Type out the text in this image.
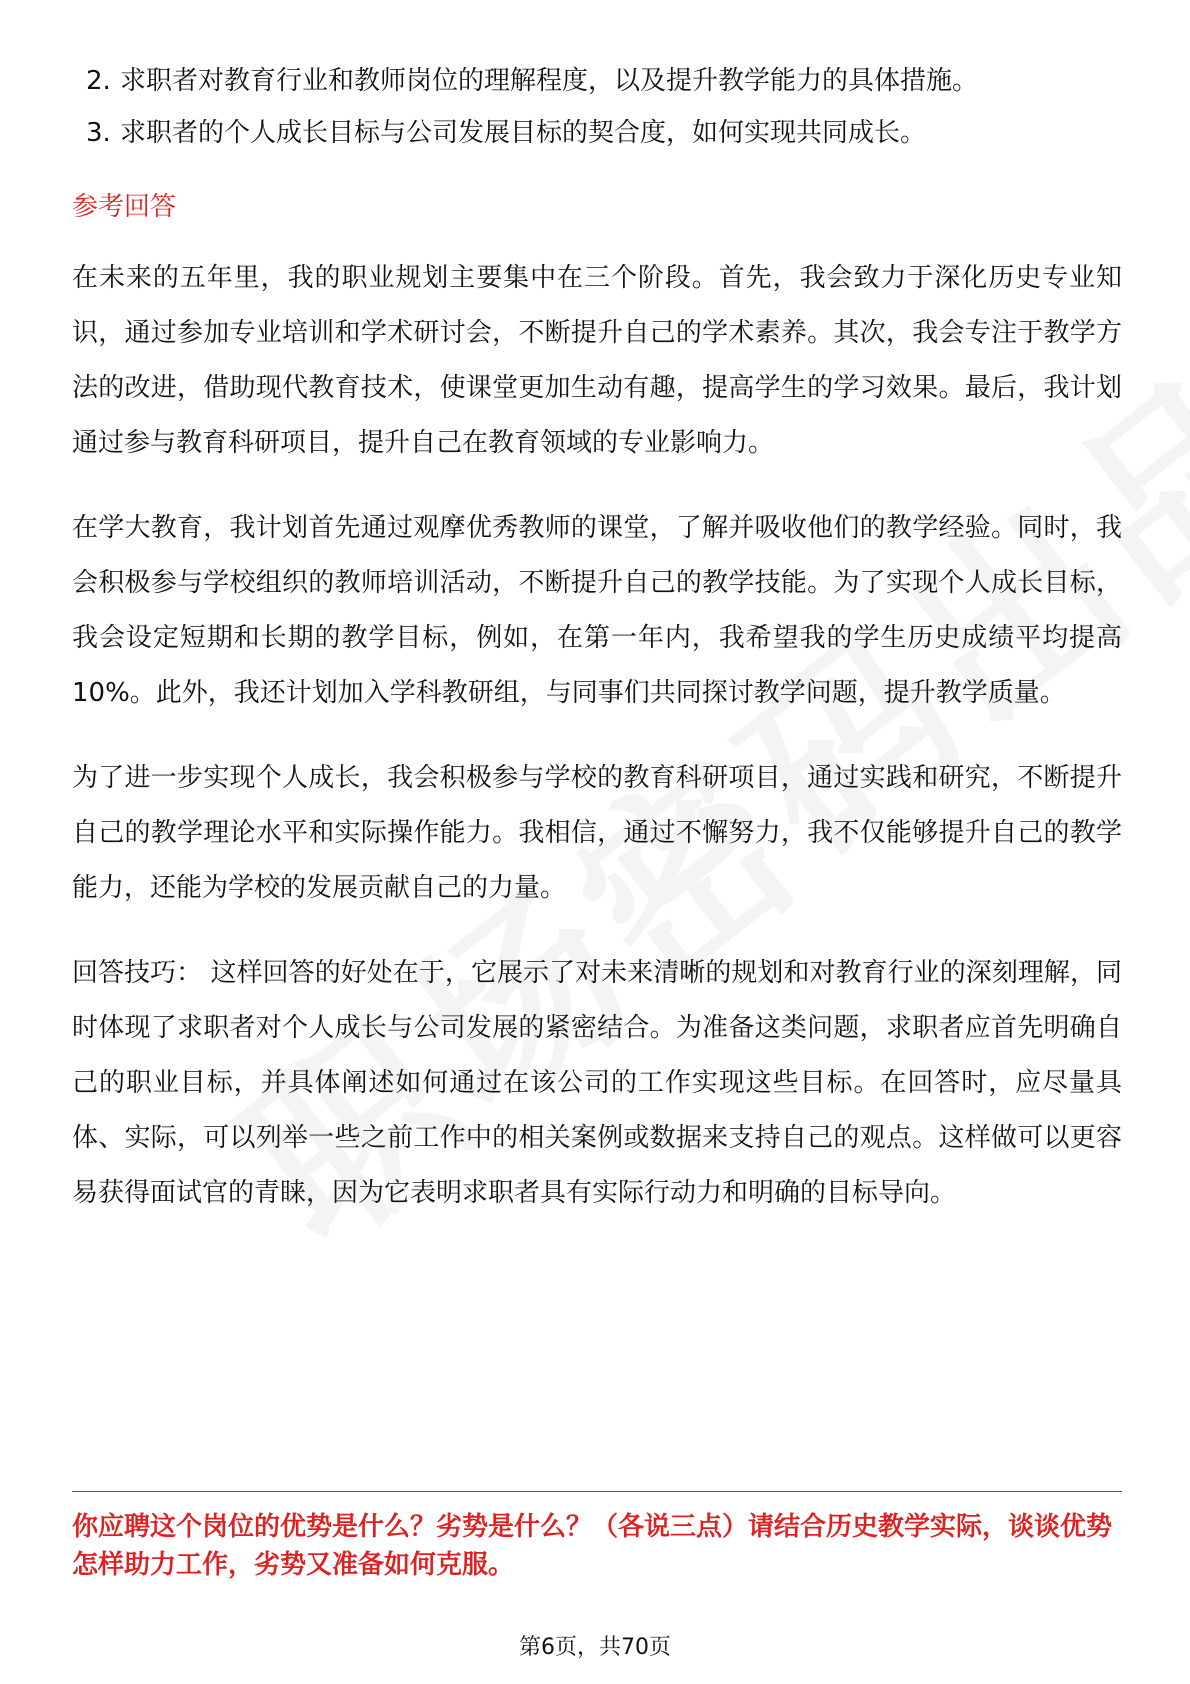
2. 求职者对教育行业和教师岗位的理解程度，以及提升教学能力的具体措施。
3. 求职者的个人成长目标与公司发展目标的契合度，如何实现共同成长。
参考回答

在未来的五年里，我的职业规划主要集中在三个阶段。首先，我会致力于深化历史专业知识，通过参加专业培训和学术研讨会，不断提升自己的学术素养。其次，我会专注于教学方法的改进，借助现代教育技术，使课堂更加生动有趣，提高学生的学习效果。最后，我计划通过参与教育科研项目，提升自己在教育领域的专业影响力。

在学大教育，我计划首先通过观摩优秀教师的课堂，了解并吸收他们的教学经验。同时，我会积极参与学校组织的教师培训活动，不断提升自己的教学技能。为了实现个人成长目标，我会设定短期和长期的教学目标，例如，在第一年内，我希望我的学生历史成绩平均提高10%。此外，我还计划加入学科教研组，与同事们共同探讨教学问题，提升教学质量。

为了进一步实现个人成长，我会积极参与学校的教育科研项目，通过实践和研究，不断提升自己的教学理论水平和实际操作能力。我相信，通过不懈努力，我不仅能够提升自己的教学能力，还能为学校的发展贡献自己的力量。

回答技巧： 这样回答的好处在于，它展示了对未来清晰的规划和对教育行业的深刻理解，同时体现了求职者对个人成长与公司发展的紧密结合。为准备这类问题，求职者应首先明确自己的职业目标，并具体阐述如何通过在该公司的工作实现这些目标。在回答时，应尽量具体、实际，可以列举一些之前工作中的相关案例或数据来支持自己的观点。这样做可以更容易获得面试官的青睐，因为它表明求职者具有实际行动力和明确的目标导向。

你应聘这个岗位的优势是什么？劣势是什么？（各说三点）请结合历史教学实际，谈谈优势怎样助力工作，劣势又准备如何克服。
第6页，共70页
